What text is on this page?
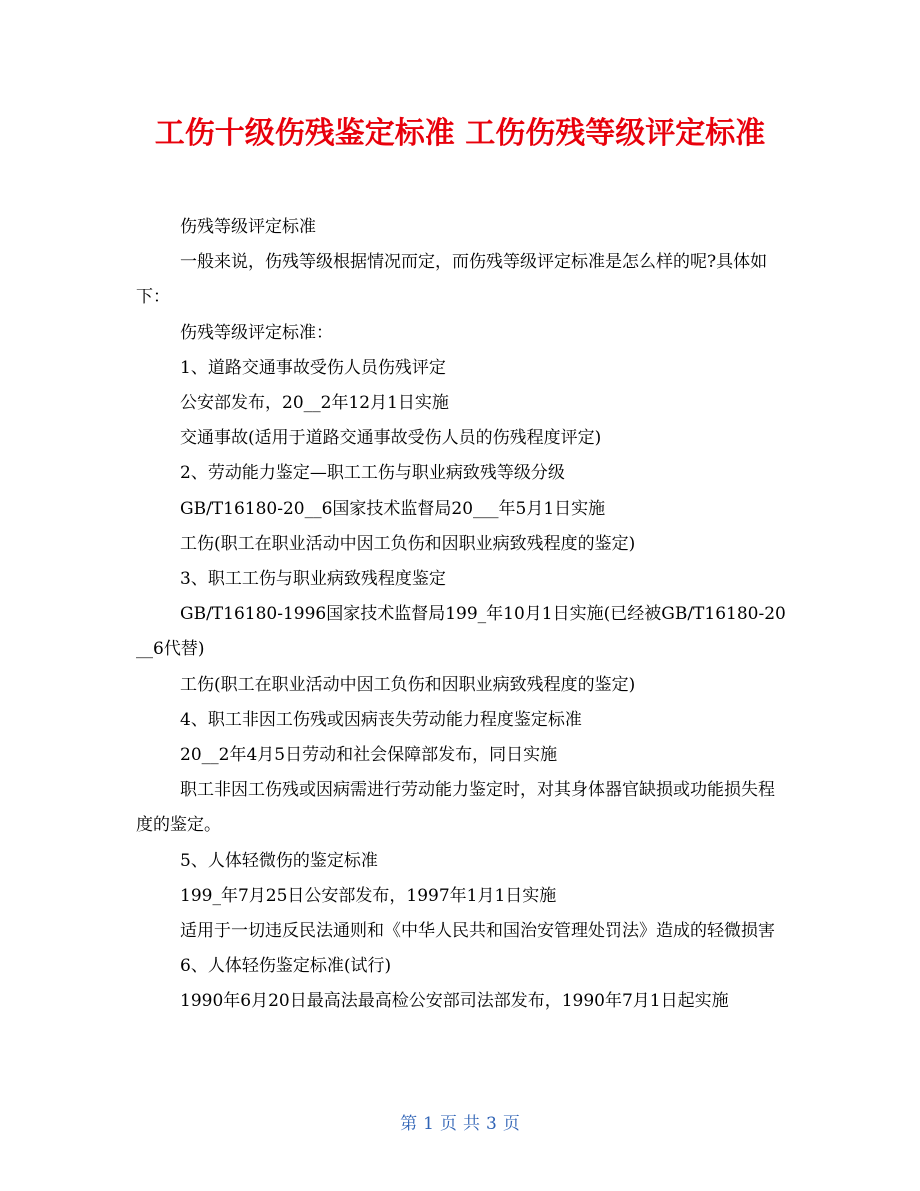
工伤十级伤残鉴定标准 工伤伤残等级评定标准

伤残等级评定标准

一般来说，伤残等级根据情况而定，而伤残等级评定标准是怎么样的呢?具体如下：

伤残等级评定标准：

1、道路交通事故受伤人员伤残评定

公安部发布，20__2年12月1日实施

交通事故(适用于道路交通事故受伤人员的伤残程度评定)

2、劳动能力鉴定—职工工伤与职业病致残等级分级

GB/T16180-20__6国家技术监督局20___年5月1日实施

工伤(职工在职业活动中因工负伤和因职业病致残程度的鉴定)

3、职工工伤与职业病致残程度鉴定

GB/T16180-1996国家技术监督局199_年10月1日实施(已经被GB/T16180-20__6代替)

工伤(职工在职业活动中因工负伤和因职业病致残程度的鉴定)

4、职工非因工伤残或因病丧失劳动能力程度鉴定标准

20__2年4月5日劳动和社会保障部发布，同日实施

职工非因工伤残或因病需进行劳动能力鉴定时，对其身体器官缺损或功能损失程度的鉴定。

5、人体轻微伤的鉴定标准

199_年7月25日公安部发布，1997年1月1日实施

适用于一切违反民法通则和《中华人民共和国治安管理处罚法》造成的轻微损害

6、人体轻伤鉴定标准(试行)

1990年6月20日最高法最高检公安部司法部发布，1990年7月1日起实施

第 1 页 共 3 页
